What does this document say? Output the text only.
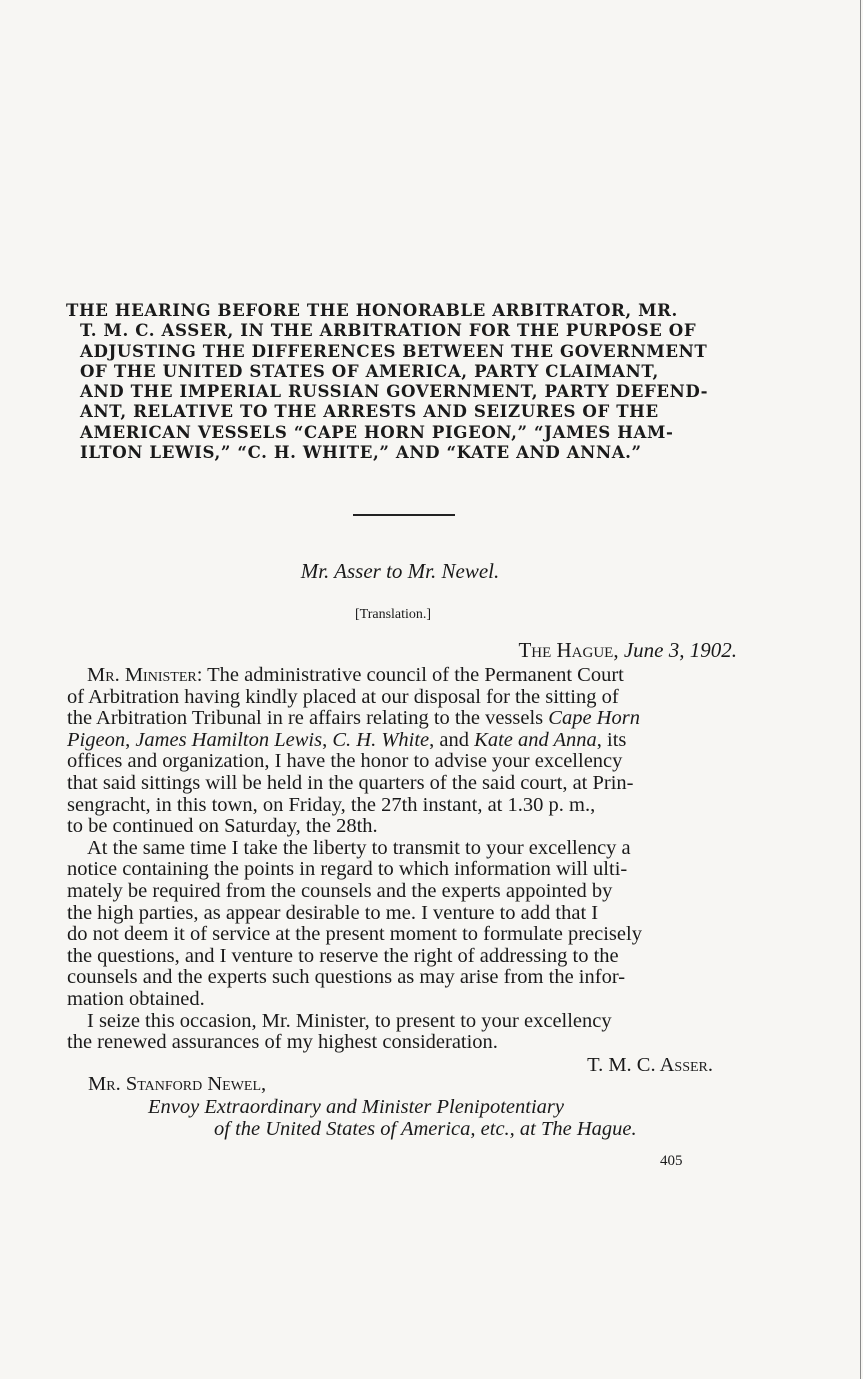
THE HEARING BEFORE THE HONORABLE ARBITRATOR, MR.
T. M. C. ASSER, IN THE ARBITRATION FOR THE PURPOSE OF
ADJUSTING THE DIFFERENCES BETWEEN THE GOVERNMENT
OF THE UNITED STATES OF AMERICA, PARTY CLAIMANT,
AND THE IMPERIAL RUSSIAN GOVERNMENT, PARTY DEFEND-
ANT, RELATIVE TO THE ARRESTS AND SEIZURES OF THE
AMERICAN VESSELS “CAPE HORN PIGEON,” “JAMES HAM-
ILTON LEWIS,” “C. H. WHITE,” AND “KATE AND ANNA.”
Mr. Asser to Mr. Newel.
[Translation.]
The Hague, June 3, 1902.
Mr. Minister: The administrative council of the Permanent Court
of Arbitration having kindly placed at our disposal for the sitting of
the Arbitration Tribunal in re affairs relating to the vessels Cape Horn
Pigeon, James Hamilton Lewis, C. H. White, and Kate and Anna, its
offices and organization, I have the honor to advise your excellency
that said sittings will be held in the quarters of the said court, at Prin-
sengracht, in this town, on Friday, the 27th instant, at 1.30 p. m.,
to be continued on Saturday, the 28th.
At the same time I take the liberty to transmit to your excellency a
notice containing the points in regard to which information will ulti-
mately be required from the counsels and the experts appointed by
the high parties, as appear desirable to me. I venture to add that I
do not deem it of service at the present moment to formulate precisely
the questions, and I venture to reserve the right of addressing to the
counsels and the experts such questions as may arise from the infor-
mation obtained.
I seize this occasion, Mr. Minister, to present to your excellency
the renewed assurances of my highest consideration.
T. M. C. Asser.
Mr. Stanford Newel,
Envoy Extraordinary and Minister Plenipotentiary
of the United States of America, etc., at The Hague.
405
